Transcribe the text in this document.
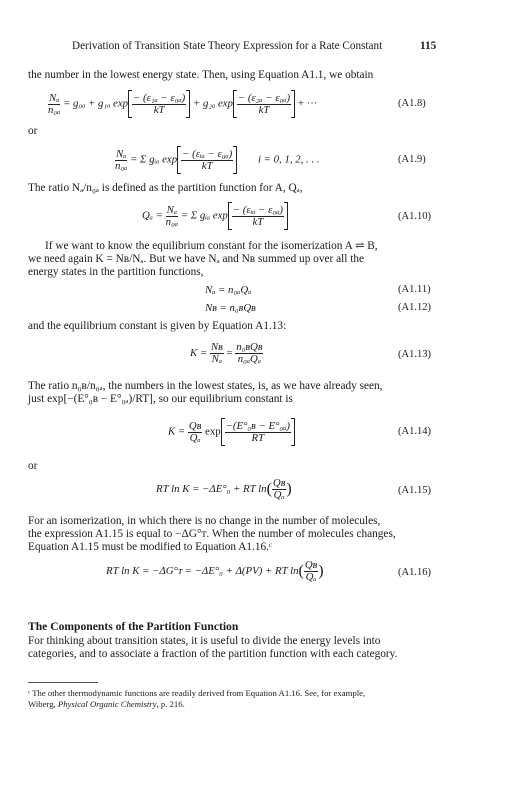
Derivation of Transition State Theory Expression for a Rate Constant	115
the number in the lowest energy state. Then, using Equation A1.1, we obtain
$\frac{\text{Nₐ}}{\text{n₀ₐ}} = g_{0a} + g_{1a}$ $\exp \frac{\text{− (ε₁ₐ − ε₀ₐ)}}{kT} + g_{2a}$ $\exp \frac{\text{− (ε₂ₐ − ε₀ₐ)}}{kT}$ + ···	(A1.8)
or
$\frac{\text{Nₐ}}{\text{n₀ₐ}} = \Sigma$ gᵢₐ $\exp \frac{\text{− (εᵢₐ − ε₀ₐ)}}{kT}$ i = 0, 1, 2, . . .	(A1.9)
The ratio Nₐ/n₀ₐ is defined as the partition function for A, Qₐ,
$Q_a = \frac{\text{Nₐ}}{\text{n₀ₐ}} = \Sigma$ gᵢₐ $\exp \frac{\text{− (εᵢₐ − ε₀ₐ)}}{kT}$	(A1.10)
If we want to know the equilibrium constant for the isomerization A ⇌ B,
we need again K = Nʙ/Nₐ. But we have Nₐ and Nʙ summed up over all the
energy states in the partition functions,
Nₐ = n₀ₐQₐ	(A1.11)
Nʙ = n₀ʙQʙ	(A1.12)
and the equilibrium constant is given by Equation A1.13:
$K = \frac{\text{Nʙ}}{\text{Nₐ}} = \frac{\text{n₀ʙQʙ}}{\text{n₀ₐQₐ}}$	(A1.13)
The ratio n₀ʙ/n₀ₐ, the numbers in the lowest states, is, as we have already seen,
just exp[−(E°₀ʙ − E°₀ₐ)/RT], so our equilibrium constant is
$K = \frac{\text{Qʙ}}{\text{Qₐ}}$ $\exp \frac{\text{−(E°₀ʙ − E°₀ₐ)}}{RT}$	(A1.14)
or
RT ln K = −ΔE°₀ + RT $\ln( \frac{\text{Qʙ}}{\text{Qₐ}}$ )	(A1.15)
For an isomerization, in which there is no change in the number of molecules,
the expression A1.15 is equal to −ΔG°ᴛ. When the number of molecules changes,
Equation A1.15 must be modified to Equation A1.16.ᶜ
RT ln K = −ΔG°ᴛ = −ΔE°₀ + Δ(PV) + RT $\ln( \frac{\text{Qʙ}}{\text{Qₐ}}$ )	(A1.16)
The Components of the Partition Function
For thinking about transition states, it is useful to divide the energy levels into
categories, and to associate a fraction of the partition function with each category.
ᶜ The other thermodynamic functions are readily derived from Equation A1.16. See, for example,
Wiberg, Physical Organic Chemistry, p. 216.
